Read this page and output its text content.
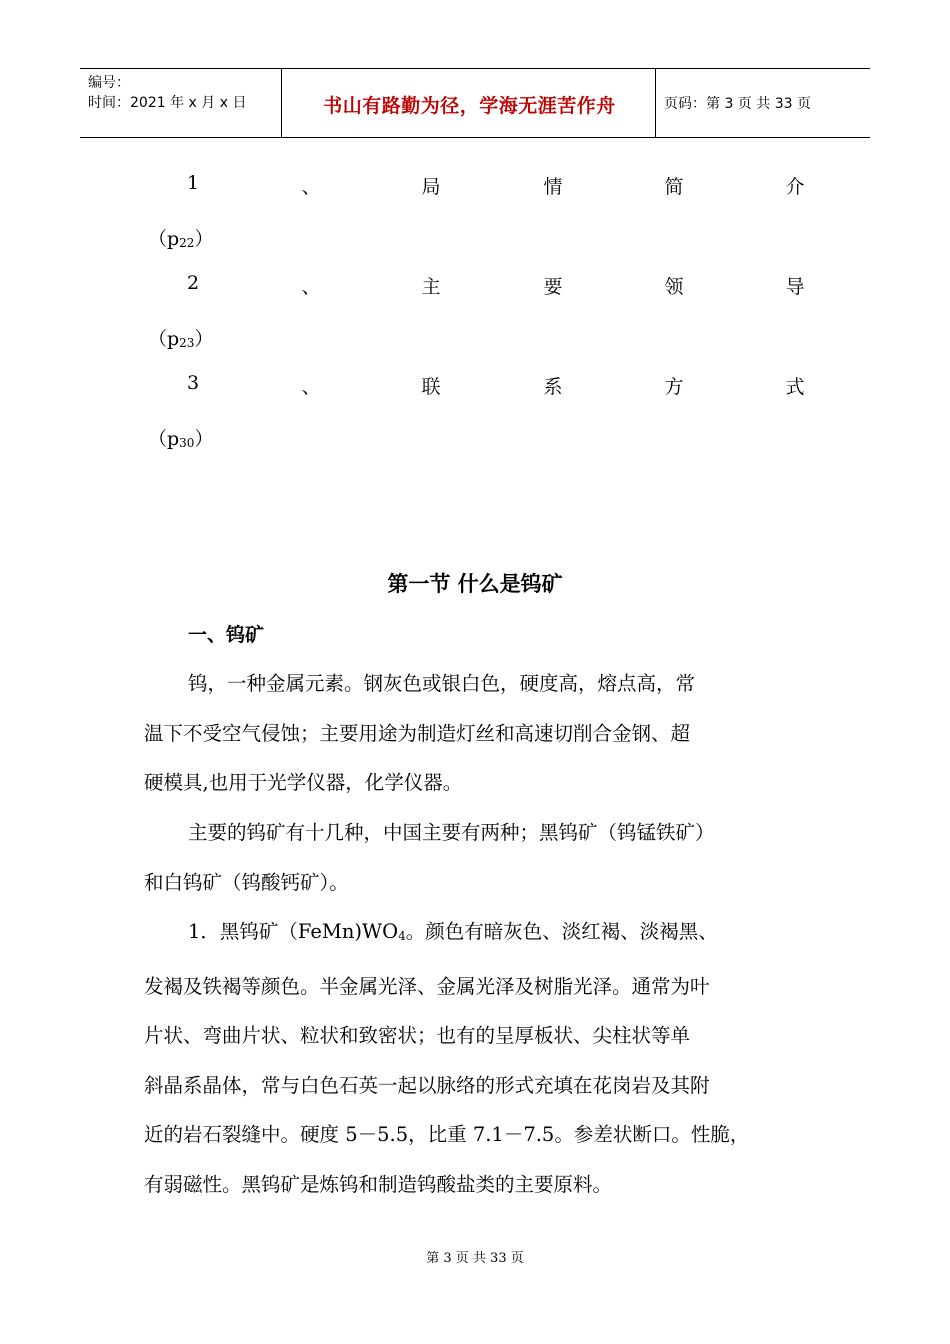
编号：
时间：2021 年 x 月 x 日	书山有路勤为径，学海无涯苦作舟	页码：第 3 页 共 33 页
1	、	局	情	简	介
$(p_{22})$
2	、	主	要	领	导
$(p_{23})$
3	、	联	系	方	式
$(p_{30})$
第一节 什么是钨矿
一、钨矿
钨，一种金属元素。钢灰色或银白色，硬度高，熔点高，常
温下不受空气侵蚀；主要用途为制造灯丝和高速切削合金钢、超
硬模具,也用于光学仪器，化学仪器。
主要的钨矿有十几种，中国主要有两种；黑钨矿（钨锰铁矿）
和白钨矿（钨酸钙矿）。
1．黑钨矿$(FeMn)WO_4$。颜色有暗灰色、淡红褐、淡褐黑、
发褐及铁褐等颜色。半金属光泽、金属光泽及树脂光泽。通常为叶
片状、弯曲片状、粒状和致密状；也有的呈厚板状、尖柱状等单
斜晶系晶体，常与白色石英一起以脉络的形式充填在花岗岩及其附
近的岩石裂缝中。硬度 5－5.5，比重 7.1－7.5。参差状断口。性脆，
有弱磁性。黑钨矿是炼钨和制造钨酸盐类的主要原料。
第 3 页 共 33 页
